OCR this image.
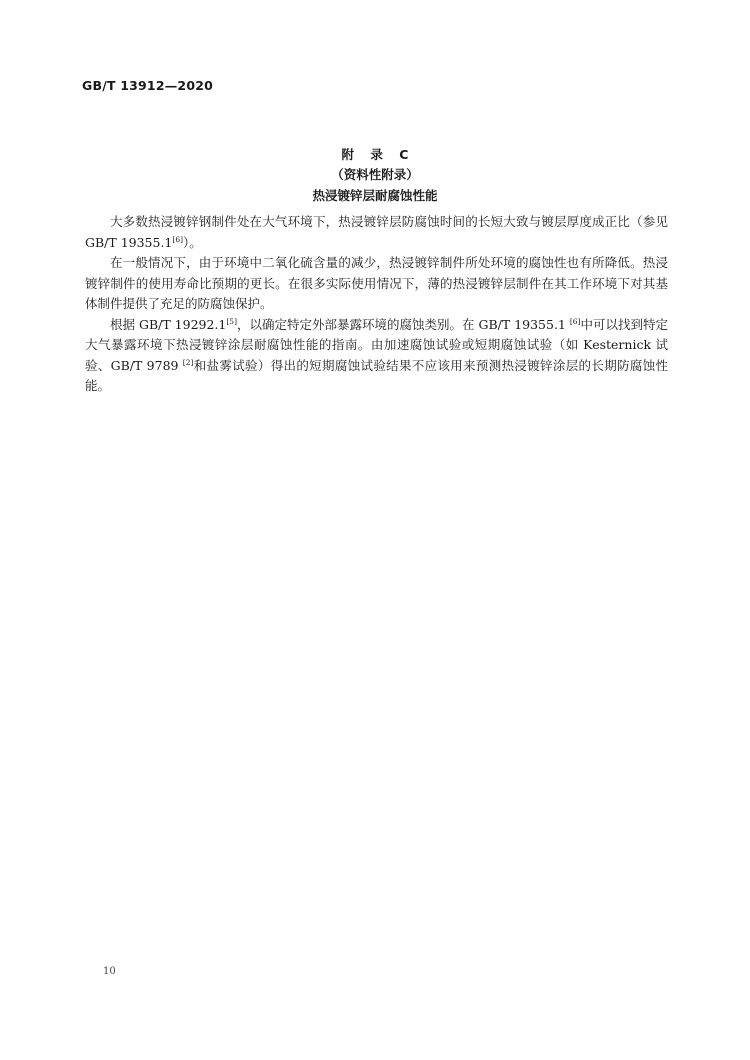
GB/T 13912—2020
附 录 C
（资料性附录）
热浸镀锌层耐腐蚀性能

大多数热浸镀锌钢制件处在大气环境下，热浸镀锌层防腐蚀时间的长短大致与镀层厚度成正比（参见 GB/T 19355.1[6]）。

在一般情况下，由于环境中二氧化硫含量的减少，热浸镀锌制件所处环境的腐蚀性也有所降低。热浸镀锌制件的使用寿命比预期的更长。在很多实际使用情况下，薄的热浸镀锌层制件在其工作环境下对其基体制件提供了充足的防腐蚀保护。

根据 GB/T 19292.1[5]，以确定特定外部暴露环境的腐蚀类别。在 GB/T 19355.1 [6]中可以找到特定大气暴露环境下热浸镀锌涂层耐腐蚀性能的指南。由加速腐蚀试验或短期腐蚀试验（如 Kesternick 试验、GB/T 9789 [2]和盐雾试验）得出的短期腐蚀试验结果不应该用来预测热浸镀锌涂层的长期防腐蚀性能。

10
